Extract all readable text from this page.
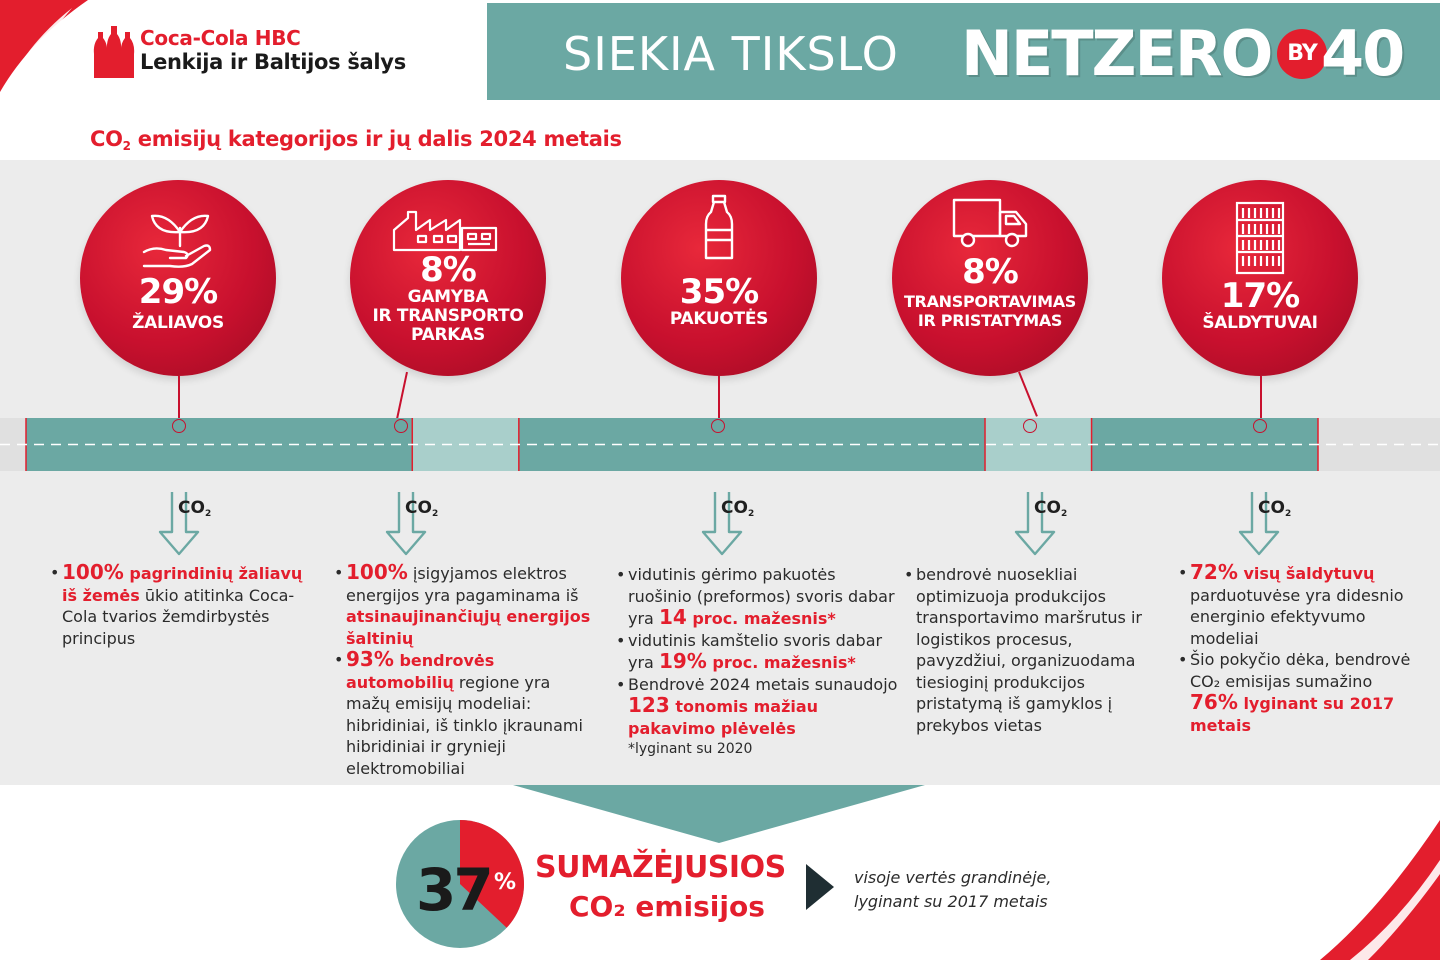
Coca-Cola HBC
Lenkija ir Baltijos šalys	SIEKIA TIKSLO NETZERO BY 40
$CO_2$ emisijų kategorijos ir jų dalis 2024 metais
29%
ŽALIAVOS
8%
GAMYBA
IR TRANSPORTO
PARKAS
35%
PAKUOTĖS
8%
TRANSPORTAVIMAS
IR PRISTATYMAS
17%
ŠALDYTUVAI
$CO_2$	$CO_2$	$CO_2$	$CO_2$	$CO_2$
• 100% pagrindinių žaliavų iš žemės ūkio atitinka Coca-Cola tvarios žemdirbystės principus
• 100% įsigyjamos elektros energijos yra pagaminama iš atsinaujinančiųjų energijos šaltinių
• 93% bendrovės automobilių regione yra mažų emisijų modeliai: hibridiniai, iš tinklo įkraunami hibridiniai ir grynieji elektromobiliai
• vidutinis gėrimo pakuotės ruošinio (preformos) svoris dabar yra 14 proc. mažesnis*
• vidutinis kamštelio svoris dabar yra 19% proc. mažesnis*
• Bendrovė 2024 metais sunaudojo 123 tonomis mažiau pakavimo plėvelės
*lyginant su 2020
• bendrovė nuosekliai optimizuoja produkcijos transportavimo maršrutus ir logistikos procesus, pavyzdžiui, organizuodama tiesioginį produkcijos pristatymą iš gamyklos į prekybos vietas
• 72% visų šaldytuvų parduotuvėse yra didesnio energinio efektyvumo modeliai
• Šio pokyčio dėka, bendrovė CO₂ emisijas sumažino 76% lyginant su 2017 metais
37 % SUMAŽĖJUSIOS
CO₂ emisijos
visoje vertės grandinėje,
lyginant su 2017 metais
